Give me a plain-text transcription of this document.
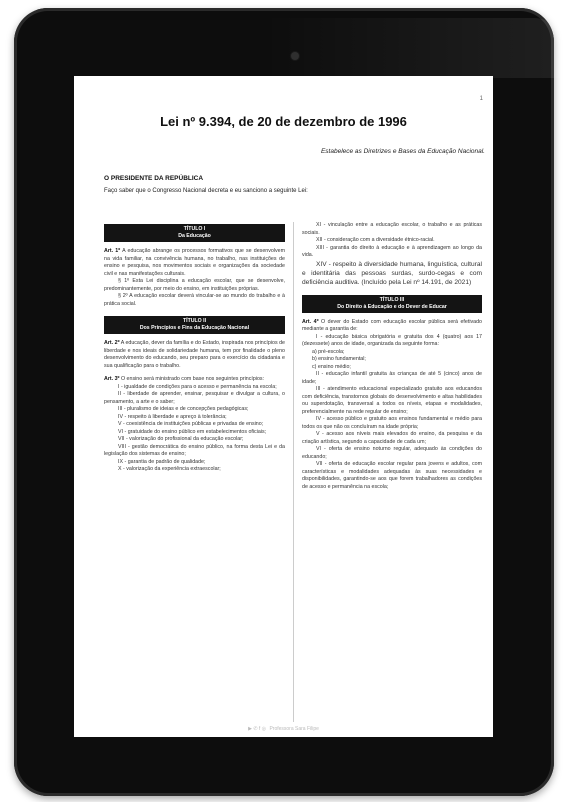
1
Lei nº 9.394, de 20 de dezembro de 1996
Estabelece as Diretrizes e Bases da Educação Nacional.
O PRESIDENTE DA REPÚBLICA
Faço saber que o Congresso Nacional decreta e eu sanciono a seguinte Lei:
TÍTULO I
Da Educação

Art. 1º A educação abrange os processos formativos que se desenvolvem na vida familiar, na convivência humana, no trabalho, nas instituições de ensino e pesquisa, nos movimentos sociais e organizações da sociedade civil e nas manifestações culturais.

§ 1º Esta Lei disciplina a educação escolar, que se desenvolve, predominantemente, por meio do ensino, em instituições próprias.

§ 2º A educação escolar deverá vincular-se ao mundo do trabalho e à prática social.

TÍTULO II
Dos Princípios e Fins da Educação Nacional

Art. 2º A educação, dever da família e do Estado, inspirada nos princípios de liberdade e nos ideais de solidariedade humana, tem por finalidade o pleno desenvolvimento do educando, seu preparo para o exercício da cidadania e sua qualificação para o trabalho.

Art. 3º O ensino será ministrado com base nos seguintes princípios:

I - igualdade de condições para o acesso e permanência na escola;

II - liberdade de aprender, ensinar, pesquisar e divulgar a cultura, o pensamento, a arte e o saber;

III - pluralismo de ideias e de concepções pedagógicas;

IV - respeito à liberdade e apreço à tolerância;

V - coexistência de instituições públicas e privadas de ensino;

VI - gratuidade do ensino público em estabelecimentos oficiais;

VII - valorização do profissional da educação escolar;

VIII - gestão democrática do ensino público, na forma desta Lei e da legislação dos sistemas de ensino;

IX - garantia de padrão de qualidade;

X - valorização da experiência extraescolar;

XI - vinculação entre a educação escolar, o trabalho e as práticas sociais.

XII - consideração com a diversidade étnico-racial.

XIII - garantia do direito à educação e à aprendizagem ao longo da vida.

XIV - respeito à diversidade humana, linguística, cultural e identitária das pessoas surdas, surdo-cegas e com deficiência auditiva. (Incluído pela Lei nº 14.191, de 2021)

TÍTULO III
Do Direito à Educação e do Dever de Educar

Art. 4º O dever do Estado com educação escolar pública será efetivado mediante a garantia de:

I - educação básica obrigatória e gratuita dos 4 (quatro) aos 17 (dezessete) anos de idade, organizada da seguinte forma:

a) pré-escola;

b) ensino fundamental;

c) ensino médio;

II - educação infantil gratuita às crianças de até 5 (cinco) anos de idade;

III - atendimento educacional especializado gratuito aos educandos com deficiência, transtornos globais do desenvolvimento e altas habilidades ou superdotação, transversal a todos os níveis, etapas e modalidades, preferencialmente na rede regular de ensino;

IV - acesso público e gratuito aos ensinos fundamental e médio para todos os que não os concluíram na idade própria;

V - acesso aos níveis mais elevados do ensino, da pesquisa e da criação artística, segundo a capacidade de cada um;

VI - oferta de ensino noturno regular, adequado às condições do educando;

VII - oferta de educação escolar regular para jovens e adultos, com características e modalidades adequadas às suas necessidades e disponibilidades, garantindo-se aos que forem trabalhadores as condições de acesso e permanência na escola;

▶ ✆ f ◎ Professora Sara Filipe
